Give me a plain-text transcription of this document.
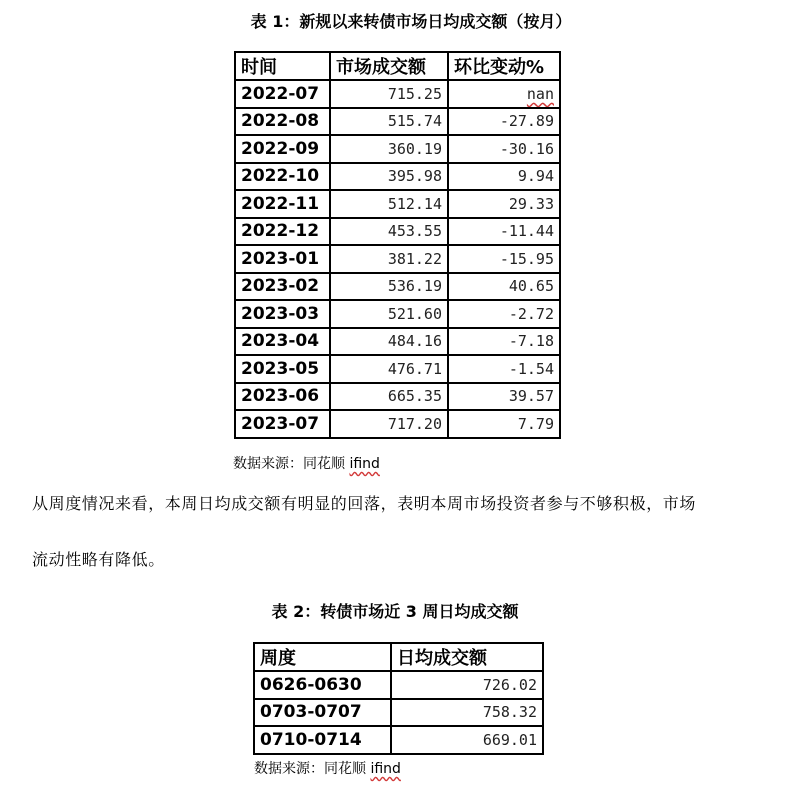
表 1：新规以来转债市场日均成交额（按月）
时间	市场成交额	环比变动%
2022-07	715.25	nan
2022-08	515.74	-27.89
2022-09	360.19	-30.16
2022-10	395.98	9.94
2022-11	512.14	29.33
2022-12	453.55	-11.44
2023-01	381.22	-15.95
2023-02	536.19	40.65
2023-03	521.60	-2.72
2023-04	484.16	-7.18
2023-05	476.71	-1.54
2023-06	665.35	39.57
2023-07	717.20	7.79
数据来源：同花顺 ifind
从周度情况来看，本周日均成交额有明显的回落，表明本周市场投资者参与不够积极，市场
流动性略有降低。
表 2：转债市场近 3 周日均成交额
周度	日均成交额
0626-0630	726.02
0703-0707	758.32
0710-0714	669.01
数据来源：同花顺 ifind
